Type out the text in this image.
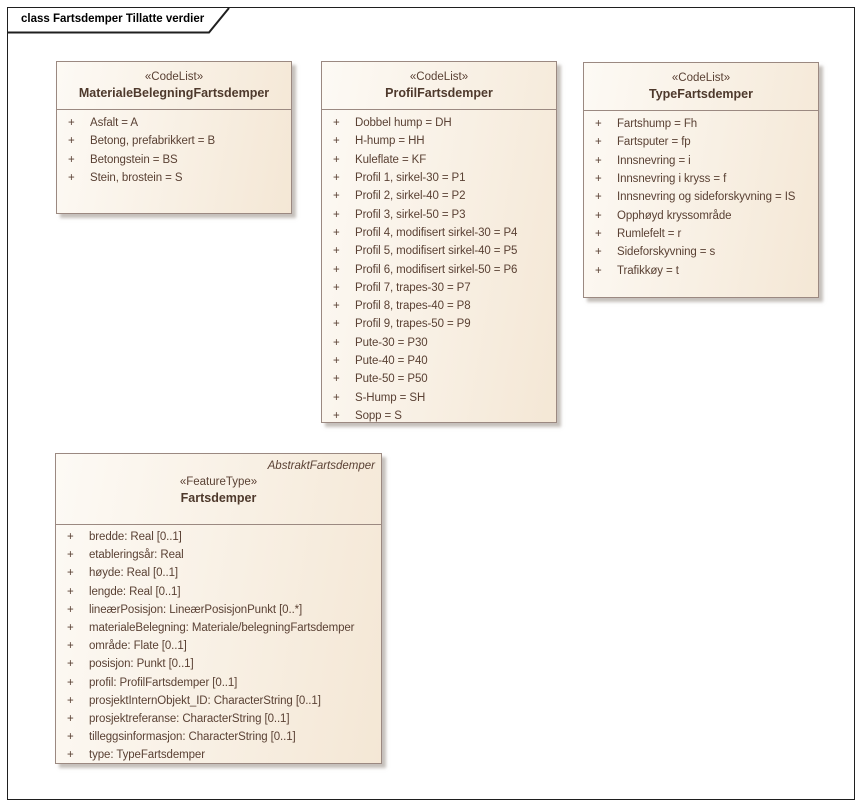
class Fartsdemper Tillatte verdier
«CodeList»
MaterialeBelegningFartsdemper
+	Asfalt = A
+	Betong, prefabrikkert = B
+	Betongstein = BS
+	Stein, brostein = S
«CodeList»
ProfilFartsdemper
+	Dobbel hump = DH
+	H-hump = HH
+	Kuleflate = KF
+	Profil 1, sirkel-30 = P1
+	Profil 2, sirkel-40 = P2
+	Profil 3, sirkel-50 = P3
+	Profil 4, modifisert sirkel-30 = P4
+	Profil 5, modifisert sirkel-40 = P5
+	Profil 6, modifisert sirkel-50 = P6
+	Profil 7, trapes-30 = P7
+	Profil 8, trapes-40 = P8
+	Profil 9, trapes-50 = P9
+	Pute-30 = P30
+	Pute-40 = P40
+	Pute-50 = P50
+	S-Hump = SH
+	Sopp = S
«CodeList»
TypeFartsdemper
+	Fartshump = Fh
+	Fartsputer = fp
+	Innsnevring = i
+	Innsnevring i kryss = f
+	Innsnevring og sideforskyvning = IS
+	Opphøyd kryssområde
+	Rumlefelt = r
+	Sideforskyvning = s
+	Trafikkøy = t
AbstraktFartsdemper
«FeatureType»
Fartsdemper
+	bredde: Real [0..1]
+	etableringsår: Real
+	høyde: Real [0..1]
+	lengde: Real [0..1]
+	lineærPosisjon: LineærPosisjonPunkt [0..*]
+	materialeBelegning: Materiale/belegningFartsdemper
+	område: Flate [0..1]
+	posisjon: Punkt [0..1]
+	profil: ProfilFartsdemper [0..1]
+	prosjektInternObjekt_ID: CharacterString [0..1]
+	prosjektreferanse: CharacterString [0..1]
+	tilleggsinformasjon: CharacterString [0..1]
+	type: TypeFartsdemper
